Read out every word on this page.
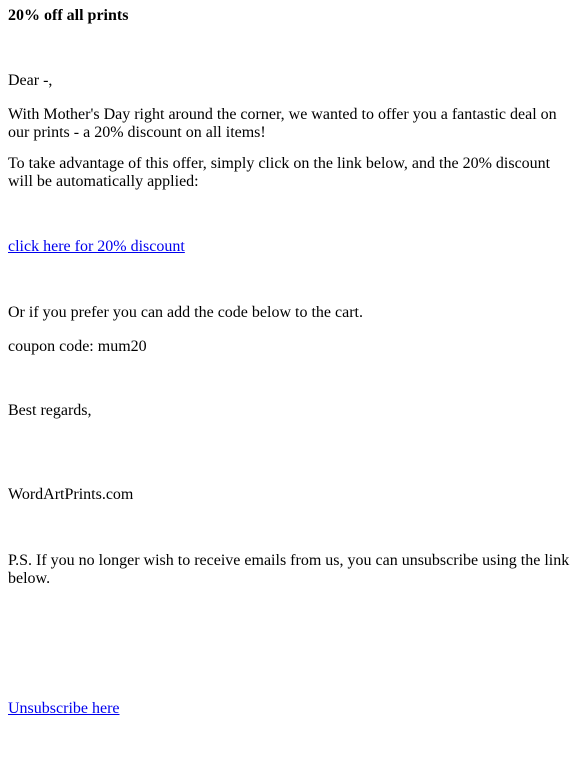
20% off all prints

Dear -,

With Mother's Day right around the corner, we wanted to offer you a fantastic deal on our prints - a 20% discount on all items!

To take advantage of this offer, simply click on the link below, and the 20% discount will be automatically applied:

click here for 20% discount

Or if you prefer you can add the code below to the cart.

coupon code: mum20

Best regards,

WordArtPrints.com

P.S. If you no longer wish to receive emails from us, you can unsubscribe using the link below.

Unsubscribe here
